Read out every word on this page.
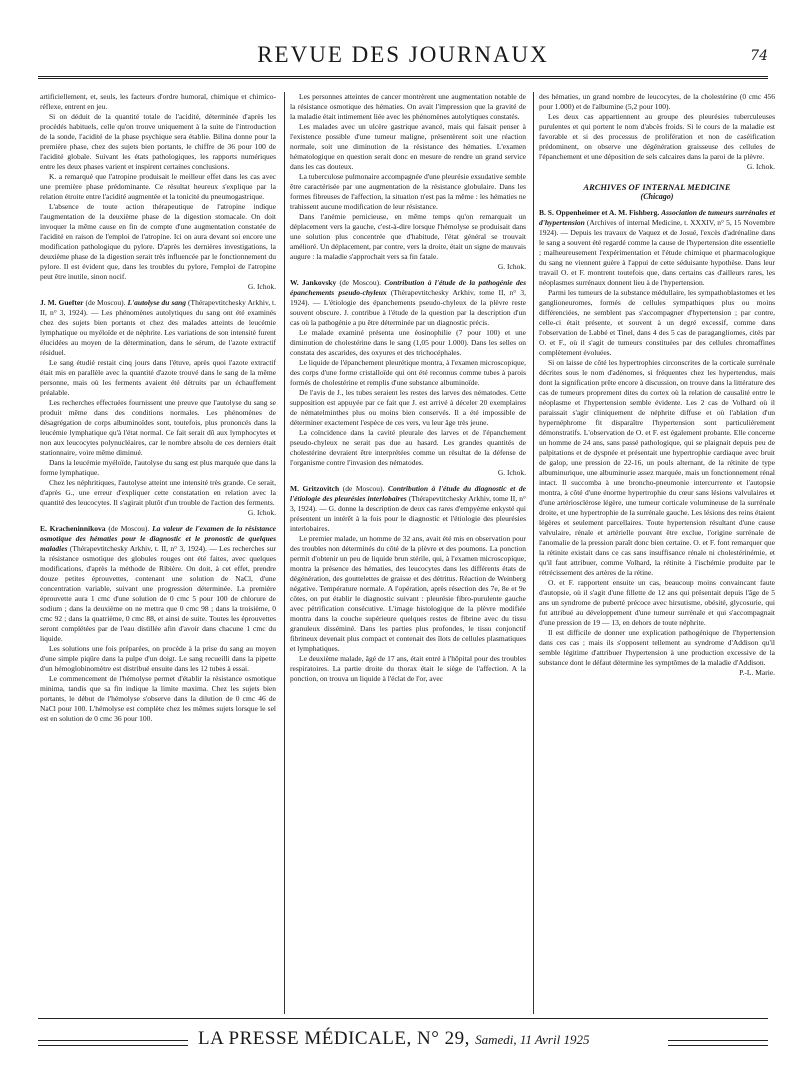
REVUE DES JOURNAUX	74

artificiellement, et, seuls, les facteurs d'ordre humoral, chimique et chimico-réflexe, entrent en jeu.

Si on déduit de la quantité totale de l'acidité, déterminée d'après les procédés habituels, celle qu'on trouve uniquement à la suite de l'introduction de la sonde, l'acidité de la phase psychique sera établie. Bilina donne pour la première phase, chez des sujets bien portants, le chiffre de 36 pour 100 de l'acidité globale. Suivant les états pathologiques, les rapports numériques entre les deux phases varient et inspirent certaines conclusions.

K. a remarqué que l'atropine produisait le meilleur effet dans les cas avec une première phase prédominante. Ce résultat heureux s'explique par la relation étroite entre l'acidité augmentée et la tonicité du pneumogastrique.

L'absence de toute action thérapeutique de l'atropine indique l'augmentation de la deuxième phase de la digestion stomacale. On doit invoquer la même cause en fin de compte d'une augmentation constatée de l'acidité en raison de l'emploi de l'atropine. Ici on aura devant soi encore une modification pathologique du pylore. D'après les dernières investigations, la deuxième phase de la digestion serait très influencée par le fonctionnement du pylore. Il est évident que, dans les troubles du pylore, l'emploi de l'atropine peut être inutile, sinon nocif.

G. Ichok.

J. M. Guefter (de Moscou). L'autolyse du sang (Thérapevtitchesky Arkhiv, t. II, n° 3, 1924). — Les phénomènes autolytiques du sang ont été examinés chez des sujets bien portants et chez des malades atteints de leucémie lymphatique ou myéloïde et de néphrite. Les variations de son intensité furent élucidées au moyen de la détermination, dans le sérum, de l'azote extractif résiduel.

Le sang étudié restait cinq jours dans l'étuve, après quoi l'azote extractif était mis en parallèle avec la quantité d'azote trouvé dans le sang de la même personne, mais où les ferments avaient été détruits par un échauffement préalable.

Les recherches effectuées fournissent une preuve que l'autolyse du sang se produit même dans des conditions normales. Les phénomènes de désagrégation de corps albuminoïdes sont, toutefois, plus prononcés dans la leucémie lymphatique qu'à l'état normal. Ce fait serait dû aux lymphocytes et non aux leucocytes polynucléaires, car le nombre absolu de ces derniers était stationnaire, voire même diminué.

Dans la leucémie myéloïde, l'autolyse du sang est plus marquée que dans la forme lymphatique.

Chez les néphritiques, l'autolyse atteint une intensité très grande. Ce serait, d'après G., une erreur d'expliquer cette constatation en relation avec la quantité des leucocytes. Il s'agirait plutôt d'un trouble de l'action des ferments.

G. Ichok.

E. Kracheninnikova (de Moscou). La valeur de l'examen de la résistance osmotique des hématies pour le diagnostic et le pronostic de quelques maladies (Thérapevtitchesky Arkhiv, t. II, n° 3, 1924). — Les recherches sur la résistance osmotique des globules rouges ont été faites, avec quelques modifications, d'après la méthode de Ribière. On doit, à cet effet, prendre douze petites éprouvettes, contenant une solution de NaCl, d'une concentration variable, suivant une progression déterminée. La première éprouvette aura 1 cmc d'une solution de 0 cmc 5 pour 100 de chlorure de sodium ; dans la deuxième on ne mettra que 0 cmc 98 ; dans la troisième, 0 cmc 92 ; dans la quatrième, 0 cmc 88, et ainsi de suite. Toutes les éprouvettes seront complétées par de l'eau distillée afin d'avoir dans chacune 1 cmc du liquide.

Les solutions une fois préparées, on procède à la prise du sang au moyen d'une simple piqûre dans la pulpe d'un doigt. Le sang recueilli dans la pipette d'un hémoglobinomètre est distribué ensuite dans les 12 tubes à essai.

Le commencement de l'hémolyse permet d'établir la résistance osmotique minima, tandis que sa fin indique la limite maxima. Chez les sujets bien portants, le début de l'hémolyse s'observe dans la dilution de 0 cmc 46 de NaCl pour 100. L'hémolyse est complète chez les mêmes sujets lorsque le sel est en solution de 0 cmc 36 pour 100.

Les personnes atteintes de cancer montrèrent une augmentation notable de la résistance osmotique des hématies. On avait l'impression que la gravité de la maladie était intimement liée avec les phénomènes autolytiques constatés.

Les malades avec un ulcère gastrique avancé, mais qui faisait penser à l'existence possible d'une tumeur maligne, présentèrent soit une réaction normale, soit une diminution de la résistance des hématies. L'examen hématologique en question serait donc en mesure de rendre un grand service dans les cas douteux.

La tuberculose pulmonaire accompagnée d'une pleurésie exsudative semble être caractérisée par une augmentation de la résistance globulaire. Dans les formes fibreuses de l'affection, la situation n'est pas la même : les hématies ne trahissent aucune modification de leur résistance.

Dans l'anémie pernicieuse, en même temps qu'on remarquait un déplacement vers la gauche, c'est-à-dire lorsque l'hémolyse se produisait dans une solution plus concentrée que d'habitude, l'état général se trouvait amélioré. Un déplacement, par contre, vers la droite, était un signe de mauvais augure : la maladie s'approchait vers sa fin fatale.

G. Ichok.

W. Jankovsky (de Moscou). Contribution à l'étude de la pathogénie des épanchements pseudo-chyleux (Thérapevtitchesky Arkhiv, tome II, n° 3, 1924). — L'étiologie des épanchements pseudo-chyleux de la plèvre reste souvent obscure. J. contribue à l'étude de la question par la description d'un cas où la pathogénie a pu être déterminée par un diagnostic précis.

Le malade examiné présenta une éosinophilie (7 pour 100) et une diminution de cholestérine dans le sang (1,05 pour 1.000). Dans les selles on constata des ascarides, des oxyures et des trichocéphales.

Le liquide de l'épanchement pleurétique montra, à l'examen microscopique, des corps d'une forme cristalloïde qui ont été reconnus comme tubes à parois formés de cholestérine et remplis d'une substance albuminoïde.

De l'avis de J., les tubes seraient les restes des larves des nématodes. Cette supposition est appuyée par ce fait que J. est arrivé à déceler 20 exemplaires de nématelminthes plus ou moins bien conservés. Il a été impossible de déterminer exactement l'espèce de ces vers, vu leur âge très jeune.

La coïncidence dans la cavité pleurale des larves et de l'épanchement pseudo-chyleux ne serait pas due au hasard. Les grandes quantités de cholestérine devraient être interprétées comme un résultat de la défense de l'organisme contre l'invasion des nématodes.

G. Ichok.

M. Gritzovitch (de Moscou). Contribution à l'étude du diagnostic et de l'étiologie des pleurésies interlobaires (Thérapevtitchesky Arkhiv, tome II, n° 3, 1924). — G. donne la description de deux cas rares d'empyème enkysté qui présentent un intérêt à la fois pour le diagnostic et l'étiologie des pleurésies interlobaires.

Le premier malade, un homme de 32 ans, avait été mis en observation pour des troubles non déterminés du côté de la plèvre et des poumons. La ponction permit d'obtenir un peu de liquide brun stérile, qui, à l'examen microscopique, montra la présence des hématies, des leucocytes dans les différents états de dégénération, des gouttelettes de graisse et des détritus. Réaction de Weinberg négative. Température normale. A l'opération, après résection des 7e, 8e et 9e côtes, on put établir le diagnostic suivant : pleurésie fibro-purulente gauche avec pétrification consécutive. L'image histologique de la plèvre modifiée montra dans la couche supérieure quelques restes de fibrine avec du tissu granuleux disséminé. Dans les parties plus profondes, le tissu conjonctif fibrineux devenait plus compact et contenait des îlots de cellules plasmatiques et lymphatiques.

Le deuxième malade, âgé de 17 ans, était entré à l'hôpital pour des troubles respiratoires. La partie droite du thorax était le siège de l'affection. A la ponction, on trouva un liquide à l'éclat de l'or, avec

des hématies, un grand nombre de leucocytes, de la cholestérine (0 cmc 456 pour 1.000) et de l'albumine (5,2 pour 100).

Les deux cas appartiennent au groupe des pleurésies tuberculeuses purulentes et qui portent le nom d'abcès froids. Si le cours de la maladie est favorable et si des processus de prolifération et non de caséification prédominent, on observe une dégénération graisseuse des cellules de l'épanchement et une déposition de sels calcaires dans la paroi de la plèvre.

G. Ichok.
ARCHIVES OF INTERNAL MEDICINE
(Chicago)

B. S. Oppenheimer et A. M. Fishberg. Association de tumeurs surrénales et d'hypertension (Archives of internal Medicine, t. XXXIV, n° 5, 15 Novembre 1924). — Depuis les travaux de Vaquez et de Josué, l'excès d'adrénaline dans le sang a souvent été regardé comme la cause de l'hypertension dite essentielle ; malheureusement l'expérimentation et l'étude chimique et pharmacologique du sang ne viennent guère à l'appui de cette séduisante hypothèse. Dans leur travail O. et F. montrent toutefois que, dans certains cas d'ailleurs rares, les néoplasmes surrénaux donnent lieu à de l'hypertension.

Parmi les tumeurs de la substance médullaire, les sympathoblastomes et les ganglioneuromes, formés de cellules sympathiques plus ou moins différenciées, ne semblent pas s'accompagner d'hypertension ; par contre, celle-ci était présente, et souvent à un degré excessif, comme dans l'observation de Labbé et Tinel, dans 4 des 5 cas de paragangliomes, cités par O. et F., où il s'agit de tumeurs constituées par des cellules chromaffines complètement évoluées.

Si on laisse de côté les hypertrophies circonscrites de la corticale surrénale décrites sous le nom d'adénomes, si fréquentes chez les hypertendus, mais dont la signification prête encore à discussion, on trouve dans la littérature des cas de tumeurs proprement dites du cortex où la relation de causalité entre le néoplasme et l'hypertension semble évidente. Les 2 cas de Volhard où il paraissait s'agir cliniquement de néphrite diffuse et où l'ablation d'un hypernéphrome fit disparaître l'hypertension sont particulièrement démonstratifs. L'observation de O. et F. est également probante. Elle concerne un homme de 24 ans, sans passé pathologique, qui se plaignait depuis peu de palpitations et de dyspnée et présentait une hypertrophie cardiaque avec bruit de galop, une pression de 22-16, un pouls alternant, de la rétinite de type albuminurique, une albuminurie assez marquée, mais un fonctionnement rénal intact. Il succomba à une broncho-pneumonie intercurrente et l'autopsie montra, à côté d'une énorme hypertrophie du cœur sans lésions valvulaires et d'une artériosclérose légère, une tumeur corticale volumineuse de la surrénale droite, et une hypertrophie de la surrénale gauche. Les lésions des reins étaient légères et seulement parcellaires. Toute hypertension résultant d'une cause valvulaire, rénale et artérielle pouvant être exclue, l'origine surrénale de l'anomalie de la pression paraît donc bien certaine. O. et F. font remarquer que la rétinite existait dans ce cas sans insuffisance rénale ni cholestérinémie, et qu'il faut attribuer, comme Volhard, la rétinite à l'ischémie produite par le rétrécissement des artères de la rétine.

O. et F. rapportent ensuite un cas, beaucoup moins convaincant faute d'autopsie, où il s'agit d'une fillette de 12 ans qui présentait depuis l'âge de 5 ans un syndrome de puberté précoce avec hirsutisme, obésité, glycosurie, qui fut attribué au développement d'une tumeur surrénale et qui s'accompagnait d'une pression de 19 — 13, en dehors de toute néphrite.

Il est difficile de donner une explication pathogénique de l'hypertension dans ces cas ; mais ils s'opposent tellement au syndrome d'Addison qu'il semble légitime d'attribuer l'hypertension à une production excessive de la substance dont le défaut détermine les symptômes de la maladie d'Addison.

P.-L. Marie.
LA PRESSE MÉDICALE, N° 29, Samedi, 11 Avril 1925
